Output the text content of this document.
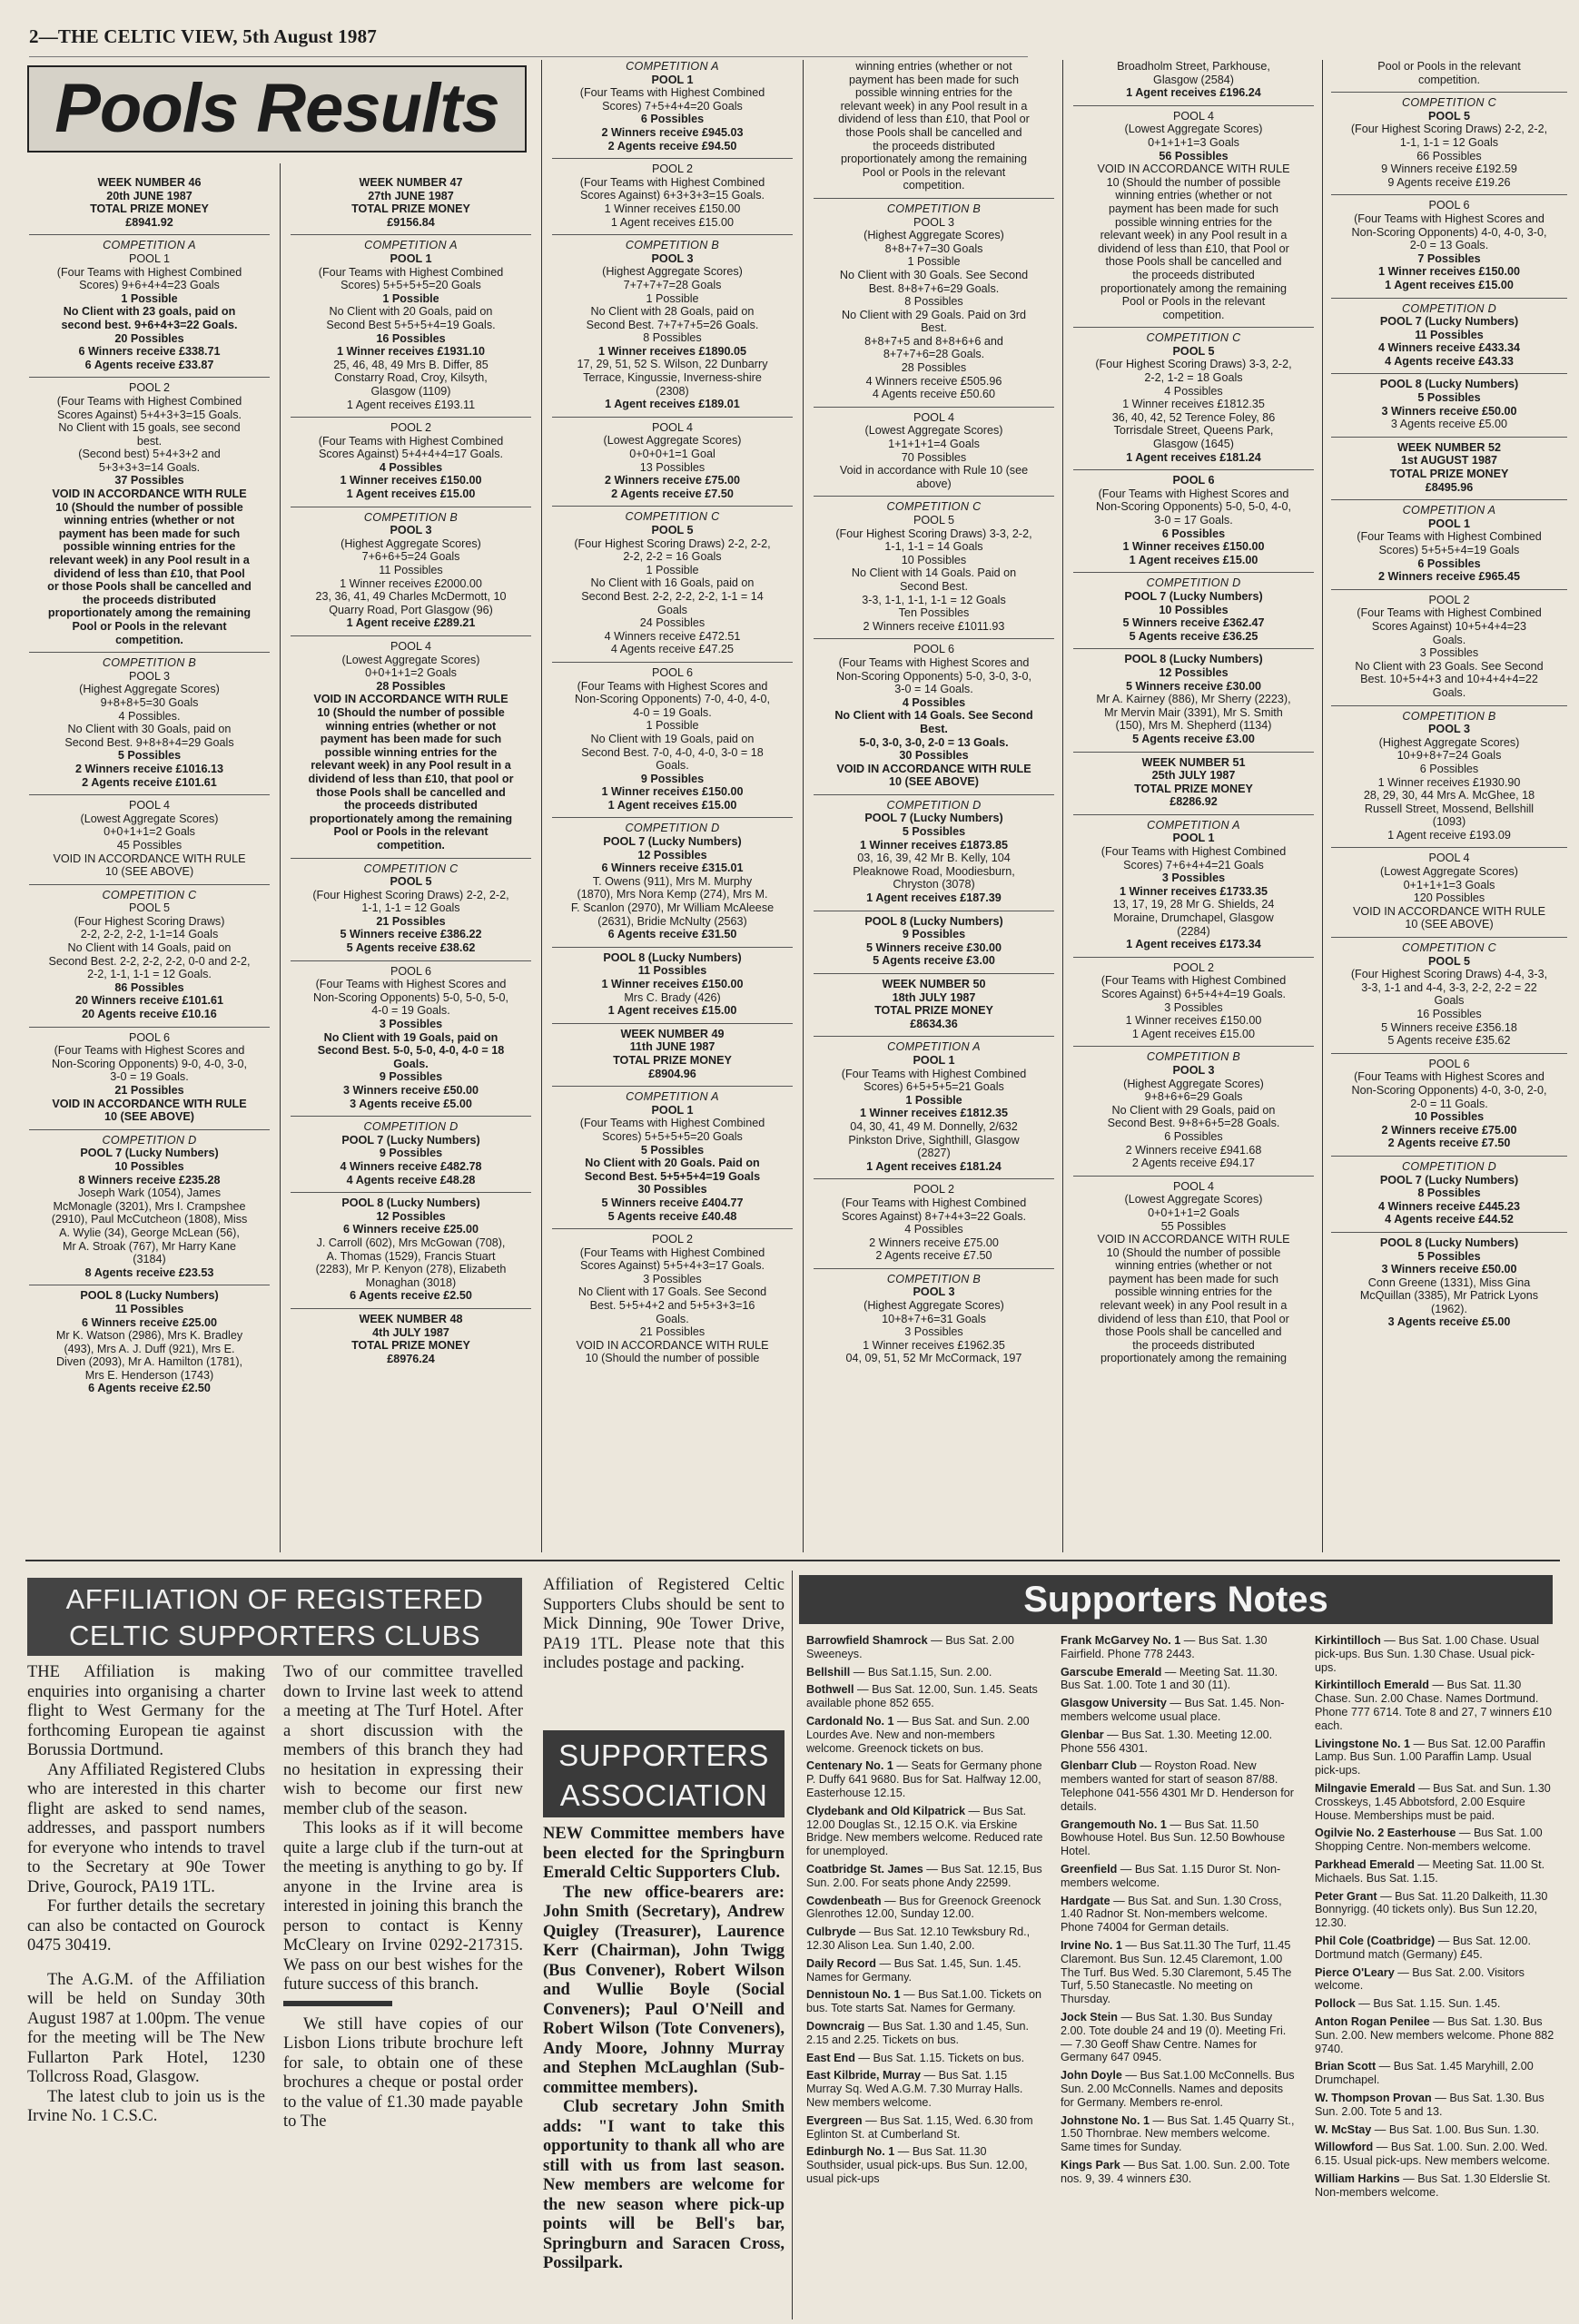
2—THE CELTIC VIEW, 5th August 1987
Pools Results
WEEK NUMBER 46
20th JUNE 1987
TOTAL PRIZE MONEY
£8941.92
COMPETITION A
POOL 1
(Four Teams with Highest Combined
Scores) 9+6+4+4=23 Goals
1 Possible
No Client with 23 goals, paid on
second best. 9+6+4+3=22 Goals.
20 Possibles
6 Winners receive £338.71
6 Agents receive £33.87
POOL 2
(Four Teams with Highest Combined
Scores Against) 5+4+3+3=15 Goals.
No Client with 15 goals, see second
best.
(Second best) 5+4+3+2 and
5+3+3+3=14 Goals.
37 Possibles
VOID IN ACCORDANCE WITH RULE
10 (Should the number of possible
winning entries (whether or not
payment has been made for such
possible winning entries for the
relevant week) in any Pool result in a
dividend of less than £10, that Pool
or those Pools shall be cancelled and
the proceeds distributed
proportionately among the remaining
Pool or Pools in the relevant
competition.
COMPETITION B
POOL 3
(Highest Aggregate Scores)
9+8+8+5=30 Goals
4 Possibles.
No Client with 30 Goals, paid on
Second Best. 9+8+8+4=29 Goals
5 Possibles
2 Winners receive £1016.13
2 Agents receive £101.61
POOL 4
(Lowest Aggregate Scores)
0+0+1+1=2 Goals
45 Possibles
VOID IN ACCORDANCE WITH RULE
10 (SEE ABOVE)
COMPETITION C
POOL 5
(Four Highest Scoring Draws)
2-2, 2-2, 2-2, 1-1=14 Goals
No Client with 14 Goals, paid on
Second Best. 2-2, 2-2, 2-2, 0-0 and 2-2,
2-2, 1-1, 1-1 = 12 Goals.
86 Possibles
20 Winners receive £101.61
20 Agents receive £10.16
POOL 6
(Four Teams with Highest Scores and
Non-Scoring Opponents) 9-0, 4-0, 3-0,
3-0 = 19 Goals.
21 Possibles
VOID IN ACCORDANCE WITH RULE
10 (SEE ABOVE)
COMPETITION D
POOL 7 (Lucky Numbers)
10 Possibles
8 Winners receive £235.28
Joseph Wark (1054), James
McMonagle (3201), Mrs I. Crampshee
(2910), Paul McCutcheon (1808), Miss
A. Wylie (34), George McLean (56),
Mr A. Stroak (767), Mr Harry Kane
(3184)
8 Agents receive £23.53
POOL 8 (Lucky Numbers)
11 Possibles
6 Winners receive £25.00
Mr K. Watson (2986), Mrs K. Bradley
(493), Mrs A. J. Duff (921), Mrs E.
Diven (2093), Mr A. Hamilton (1781),
Mrs E. Henderson (1743)
6 Agents receive £2.50
WEEK NUMBER 47
27th JUNE 1987
TOTAL PRIZE MONEY
£9156.84
COMPETITION A
POOL 1
(Four Teams with Highest Combined
Scores) 5+5+5+5=20 Goals
1 Possible
No Client with 20 Goals, paid on
Second Best 5+5+5+4=19 Goals.
16 Possibles
1 Winner receives £1931.10
25, 46, 48, 49 Mrs B. Differ, 85
Constarry Road, Croy, Kilsyth,
Glasgow (1109)
1 Agent receives £193.11
POOL 2
(Four Teams with Highest Combined
Scores Against) 5+4+4+4=17 Goals.
4 Possibles
1 Winner receives £150.00
1 Agent receives £15.00
COMPETITION B
POOL 3
(Highest Aggregate Scores)
7+6+6+5=24 Goals
11 Possibles
1 Winner receives £2000.00
23, 36, 41, 49 Charles McDermott, 10
Quarry Road, Port Glasgow (96)
1 Agent receive £289.21
POOL 4
(Lowest Aggregate Scores)
0+0+1+1=2 Goals
28 Possibles
VOID IN ACCORDANCE WITH RULE
10 (Should the number of possible
winning entries (whether or not
payment has been made for such
possible winning entries for the
relevant week) in any Pool result in a
dividend of less than £10, that pool or
those Pools shall be cancelled and
the proceeds distributed
proportionately among the remaining
Pool or Pools in the relevant
competition.
COMPETITION C
POOL 5
(Four Highest Scoring Draws) 2-2, 2-2,
1-1, 1-1 = 12 Goals
21 Possibles
5 Winners receive £386.22
5 Agents receive £38.62
POOL 6
(Four Teams with Highest Scores and
Non-Scoring Opponents) 5-0, 5-0, 5-0,
4-0 = 19 Goals.
3 Possibles
No Client with 19 Goals, paid on
Second Best. 5-0, 5-0, 4-0, 4-0 = 18
Goals.
9 Possibles
3 Winners receive £50.00
3 Agents receive £5.00
COMPETITION D
POOL 7 (Lucky Numbers)
9 Possibles
4 Winners receive £482.78
4 Agents receive £48.28
POOL 8 (Lucky Numbers)
12 Possibles
6 Winners receive £25.00
J. Carroll (602), Mrs McGowan (708),
A. Thomas (1529), Francis Stuart
(2283), Mr P. Kenyon (278), Elizabeth
Monaghan (3018)
6 Agents receive £2.50
WEEK NUMBER 48
4th JULY 1987
TOTAL PRIZE MONEY
£8976.24
COMPETITION A
POOL 1
(Four Teams with Highest Combined
Scores) 7+5+4+4=20 Goals
6 Possibles
2 Winners receive £945.03
2 Agents receive £94.50
POOL 2
(Four Teams with Highest Combined
Scores Against) 6+3+3+3=15 Goals.
1 Winner receives £150.00
1 Agent receives £15.00
COMPETITION B
POOL 3
(Highest Aggregate Scores)
7+7+7+7=28 Goals
1 Possible
No Client with 28 Goals, paid on
Second Best. 7+7+7+5=26 Goals.
8 Possibles
1 Winner receives £1890.05
17, 29, 51, 52 S. Wilson, 22 Dunbarry
Terrace, Kingussie, Inverness-shire
(2308)
1 Agent receives £189.01
POOL 4
(Lowest Aggregate Scores)
0+0+0+1=1 Goal
13 Possibles
2 Winners receive £75.00
2 Agents receive £7.50
COMPETITION C
POOL 5
(Four Highest Scoring Draws) 2-2, 2-2,
2-2, 2-2 = 16 Goals
1 Possible
No Client with 16 Goals, paid on
Second Best. 2-2, 2-2, 2-2, 1-1 = 14
Goals
24 Possibles
4 Winners receive £472.51
4 Agents receive £47.25
POOL 6
(Four Teams with Highest Scores and
Non-Scoring Opponents) 7-0, 4-0, 4-0,
4-0 = 19 Goals.
1 Possible
No Client with 19 Goals, paid on
Second Best. 7-0, 4-0, 4-0, 3-0 = 18
Goals.
9 Possibles
1 Winner receives £150.00
1 Agent receives £15.00
COMPETITION D
POOL 7 (Lucky Numbers)
12 Possibles
6 Winners receive £315.01
T. Owens (911), Mrs M. Murphy
(1870), Mrs Nora Kemp (274), Mrs M.
F. Scanlon (2970), Mr William McAleese
(2631), Bridie McNulty (2563)
6 Agents receive £31.50
POOL 8 (Lucky Numbers)
11 Possibles
1 Winner receives £150.00
Mrs C. Brady (426)
1 Agent receives £15.00
WEEK NUMBER 49
11th JUNE 1987
TOTAL PRIZE MONEY
£8904.96
COMPETITION A
POOL 1
(Four Teams with Highest Combined
Scores) 5+5+5+5=20 Goals
5 Possibles
No Client with 20 Goals. Paid on
Second Best. 5+5+5+4=19 Goals
30 Possibles
5 Winners receive £404.77
5 Agents receive £40.48
POOL 2
(Four Teams with Highest Combined
Scores Against) 5+5+4+3=17 Goals.
3 Possibles
No Client with 17 Goals. See Second
Best. 5+5+4+2 and 5+5+3+3=16
Goals.
21 Possibles
VOID IN ACCORDANCE WITH RULE
10 (Should the number of possible
winning entries (whether or not
payment has been made for such
possible winning entries for the
relevant week) in any Pool result in a
dividend of less than £10, that Pool or
those Pools shall be cancelled and
the proceeds distributed
proportionately among the remaining
Pool or Pools in the relevant
competition.
COMPETITION B
POOL 3
(Highest Aggregate Scores)
8+8+7+7=30 Goals
1 Possible
No Client with 30 Goals. See Second
Best. 8+8+7+6=29 Goals.
8 Possibles
No Client with 29 Goals. Paid on 3rd
Best.
8+8+7+5 and 8+8+6+6 and
8+7+7+6=28 Goals.
28 Possibles
4 Winners receive £505.96
4 Agents receive £50.60
POOL 4
(Lowest Aggregate Scores)
1+1+1+1=4 Goals
70 Possibles
Void in accordance with Rule 10 (see
above)
COMPETITION C
POOL 5
(Four Highest Scoring Draws) 3-3, 2-2,
1-1, 1-1 = 14 Goals
10 Possibles
No Client with 14 Goals. Paid on
Second Best.
3-3, 1-1, 1-1, 1-1 = 12 Goals
Ten Possibles
2 Winners receive £1011.93
POOL 6
(Four Teams with Highest Scores and
Non-Scoring Opponents) 5-0, 3-0, 3-0,
3-0 = 14 Goals.
4 Possibles
No Client with 14 Goals. See Second
Best.
5-0, 3-0, 3-0, 2-0 = 13 Goals.
30 Possibles
VOID IN ACCORDANCE WITH RULE
10 (SEE ABOVE)
COMPETITION D
POOL 7 (Lucky Numbers)
5 Possibles
1 Winner receives £1873.85
03, 16, 39, 42 Mr B. Kelly, 104
Pleaknowe Road, Moodiesburn,
Chryston (3078)
1 Agent receives £187.39
POOL 8 (Lucky Numbers)
9 Possibles
5 Winners receive £30.00
5 Agents receive £3.00
WEEK NUMBER 50
18th JULY 1987
TOTAL PRIZE MONEY
£8634.36
COMPETITION A
POOL 1
(Four Teams with Highest Combined
Scores) 6+5+5+5=21 Goals
1 Possible
1 Winner receives £1812.35
04, 30, 41, 49 M. Donnelly, 2/632
Pinkston Drive, Sighthill, Glasgow
(2827)
1 Agent receives £181.24
POOL 2
(Four Teams with Highest Combined
Scores Against) 8+7+4+3=22 Goals.
4 Possibles
2 Winners receive £75.00
2 Agents receive £7.50
COMPETITION B
POOL 3
(Highest Aggregate Scores)
10+8+7+6=31 Goals
3 Possibles
1 Winner receives £1962.35
04, 09, 51, 52 Mr McCormack, 197
Broadholm Street, Parkhouse,
Glasgow (2584)
1 Agent receives £196.24
POOL 4
(Lowest Aggregate Scores)
0+1+1+1=3 Goals
56 Possibles
VOID IN ACCORDANCE WITH RULE
10 (Should the number of possible
winning entries (whether or not
payment has been made for such
possible winning entries for the
relevant week) in any Pool result in a
dividend of less than £10, that Pool or
those Pools shall be cancelled and
the proceeds distributed
proportionately among the remaining
Pool or Pools in the relevant
competition.
COMPETITION C
POOL 5
(Four Highest Scoring Draws) 3-3, 2-2,
2-2, 1-2 = 18 Goals
4 Possibles
1 Winner receives £1812.35
36, 40, 42, 52 Terence Foley, 86
Torrisdale Street, Queens Park,
Glasgow (1645)
1 Agent receives £181.24
POOL 6
(Four Teams with Highest Scores and
Non-Scoring Opponents) 5-0, 5-0, 4-0,
3-0 = 17 Goals.
6 Possibles
1 Winner receives £150.00
1 Agent receives £15.00
COMPETITION D
POOL 7 (Lucky Numbers)
10 Possibles
5 Winners receive £362.47
5 Agents receive £36.25
POOL 8 (Lucky Numbers)
12 Possibles
5 Winners receive £30.00
Mr A. Kairney (886), Mr Sherry (2223),
Mr Mervin Mair (3391), Mr S. Smith
(150), Mrs M. Shepherd (1134)
5 Agents receive £3.00
WEEK NUMBER 51
25th JULY 1987
TOTAL PRIZE MONEY
£8286.92
COMPETITION A
POOL 1
(Four Teams with Highest Combined
Scores) 7+6+4+4=21 Goals
3 Possibles
1 Winner receives £1733.35
13, 17, 19, 28 Mr G. Shields, 24
Moraine, Drumchapel, Glasgow
(2284)
1 Agent receives £173.34
POOL 2
(Four Teams with Highest Combined
Scores Against) 6+5+4+4=19 Goals.
3 Possibles
1 Winner receives £150.00
1 Agent receives £15.00
COMPETITION B
POOL 3
(Highest Aggregate Scores)
9+8+6+6=29 Goals
No Client with 29 Goals, paid on
Second Best. 9+8+6+5=28 Goals.
6 Possibles
2 Winners receive £941.68
2 Agents receive £94.17
POOL 4
(Lowest Aggregate Scores)
0+0+1+1=2 Goals
55 Possibles
VOID IN ACCORDANCE WITH RULE
10 (Should the number of possible
winning entries (whether or not
payment has been made for such
possible winning entries for the
relevant week) in any Pool result in a
dividend of less than £10, that Pool or
those Pools shall be cancelled and
the proceeds distributed
proportionately among the remaining
Pool or Pools in the relevant
competition.
COMPETITION C
POOL 5
(Four Highest Scoring Draws) 2-2, 2-2,
1-1, 1-1 = 12 Goals
66 Possibles
9 Winners receive £192.59
9 Agents receive £19.26
POOL 6
(Four Teams with Highest Scores and
Non-Scoring Opponents) 4-0, 4-0, 3-0,
2-0 = 13 Goals.
7 Possibles
1 Winner receives £150.00
1 Agent receives £15.00
COMPETITION D
POOL 7 (Lucky Numbers)
11 Possibles
4 Winners receive £433.34
4 Agents receive £43.33
POOL 8 (Lucky Numbers)
5 Possibles
3 Winners receive £50.00
3 Agents receive £5.00
WEEK NUMBER 52
1st AUGUST 1987
TOTAL PRIZE MONEY
£8495.96
COMPETITION A
POOL 1
(Four Teams with Highest Combined
Scores) 5+5+5+4=19 Goals
6 Possibles
2 Winners receive £965.45
POOL 2
(Four Teams with Highest Combined
Scores Against) 10+5+4+4=23
Goals.
3 Possibles
No Client with 23 Goals. See Second
Best. 10+5+4+3 and 10+4+4+4=22
Goals.
COMPETITION B
POOL 3
(Highest Aggregate Scores)
10+9+8+7=24 Goals
6 Possibles
1 Winner receives £1930.90
28, 29, 30, 44 Mrs A. McGhee, 18
Russell Street, Mossend, Bellshill
(1093)
1 Agent receive £193.09
POOL 4
(Lowest Aggregate Scores)
0+1+1+1=3 Goals
120 Possibles
VOID IN ACCORDANCE WITH RULE
10 (SEE ABOVE)
COMPETITION C
POOL 5
(Four Highest Scoring Draws) 4-4, 3-3,
3-3, 1-1 and 4-4, 3-3, 2-2, 2-2 = 22
Goals
16 Possibles
5 Winners receive £356.18
5 Agents receive £35.62
POOL 6
(Four Teams with Highest Scores and
Non-Scoring Opponents) 4-0, 3-0, 2-0,
2-0 = 11 Goals.
10 Possibles
2 Winners receive £75.00
2 Agents receive £7.50
COMPETITION D
POOL 7 (Lucky Numbers)
8 Possibles
4 Winners receive £445.23
4 Agents receive £44.52
POOL 8 (Lucky Numbers)
5 Possibles
3 Winners receive £50.00
Conn Greene (1331), Miss Gina
McQuillan (3385), Mr Patrick Lyons
(1962).
3 Agents receive £5.00
AFFILIATION OF REGISTERED
CELTIC SUPPORTERS CLUBS

THE Affiliation is making enquiries into organising a charter flight to West Germany for the forthcoming European tie against Borussia Dortmund.

Any Affiliated Registered Clubs who are interested in this charter flight are asked to send names, addresses, and passport numbers for everyone who intends to travel to the Secretary at 90e Tower Drive, Gourock, PA19 1TL.

For further details the secretary can also be contacted on Gourock 0475 30419.

The A.G.M. of the Affiliation will be held on Sunday 30th August 1987 at 1.00pm. The venue for the meeting will be The New Fullarton Park Hotel, 1230 Tollcross Road, Glasgow.

The latest club to join us is the Irvine No. 1 C.S.C.

Two of our committee travelled down to Irvine last week to attend a meeting at The Turf Hotel. After a short discussion with the members of this branch they had no hesitation in expressing their wish to become our first new member club of the season.

This looks as if it will become quite a large club if the turn-out at the meeting is anything to go by. If anyone in the Irvine area is interested in joining this branch the person to contact is Kenny McCleary on Irvine 0292-217315. We pass on our best wishes for the future success of this branch.

We still have copies of our Lisbon Lions tribute brochure left for sale, to obtain one of these brochures a cheque or postal order to the value of £1.30 made payable to The

Affiliation of Registered Celtic Supporters Clubs should be sent to Mick Dinning, 90e Tower Drive, PA19 1TL. Please note that this includes postage and packing.

SUPPORTERS
ASSOCIATION

NEW Committee members have been elected for the Springburn Emerald Celtic Supporters Club.

The new office-bearers are: John Smith (Secretary), Andrew Quigley (Treasurer), Laurence Kerr (Chairman), John Twigg (Bus Convener), Robert Wilson and Wullie Boyle (Social Conveners); Paul O'Neill and Robert Wilson (Tote Conveners), Andy Moore, Johnny Murray and Stephen McLaughlan (Sub-committee members).

Club secretary John Smith adds: "I want to take this opportunity to thank all who are still with us from last season. New members are welcome for the new season where pick-up points will be Bell's bar, Springburn and Saracen Cross, Possilpark.

Supporters Notes
Barrowfield Shamrock — Bus Sat. 2.00 Sweeneys.
Bellshill — Bus Sat.1.15, Sun. 2.00.
Bothwell — Bus Sat. 12.00, Sun. 1.45. Seats available phone 852 655.
Cardonald No. 1 — Bus Sat. and Sun. 2.00 Lourdes Ave. New and non-members welcome. Greenock tickets on bus.
Centenary No. 1 — Seats for Germany phone P. Duffy 641 9680. Bus for Sat. Halfway 12.00, Easterhouse 12.15.
Clydebank and Old Kilpatrick — Bus Sat. 12.00 Douglas St., 12.15 O.K. via Erskine Bridge. New members welcome. Reduced rate for unemployed.
Coatbridge St. James — Bus Sat. 12.15, Bus Sun. 2.00. For seats phone Andy 22599.
Cowdenbeath — Bus for Greenock Greenock Glenrothes 12.00, Sunday 12.00.
Culbryde — Bus Sat. 12.10 Tewksbury Rd., 12.30 Alison Lea. Sun 1.40, 2.00.
Daily Record — Bus Sat. 1.45, Sun. 1.45. Names for Germany.
Dennistoun No. 1 — Bus Sat.1.00. Tickets on bus. Tote starts Sat. Names for Germany.
Downcraig — Bus Sat. 1.30 and 1.45, Sun. 2.15 and 2.25. Tickets on bus.
East End — Bus Sat. 1.15. Tickets on bus.
East Kilbride, Murray — Bus Sat. 1.15 Murray Sq. Wed A.G.M. 7.30 Murray Halls. New members welcome.
Evergreen — Bus Sat. 1.15, Wed. 6.30 from Eglinton St. at Cumberland St.
Edinburgh No. 1 — Bus Sat. 11.30 Southsider, usual pick-ups. Bus Sun. 12.00, usual pick-ups
Frank McGarvey No. 1 — Bus Sat. 1.30 Fairfield. Phone 778 2443.
Garscube Emerald — Meeting Sat. 11.30. Bus Sat. 1.00. Tote 1 and 30 (11).
Glasgow University — Bus Sat. 1.45. Non-members welcome usual place.
Glenbar — Bus Sat. 1.30. Meeting 12.00. Phone 556 4301.
Glenbarr Club — Royston Road. New members wanted for start of season 87/88. Telephone 041-556 4301 Mr D. Henderson for details.
Grangemouth No. 1 — Bus Sat. 11.50 Bowhouse Hotel. Bus Sun. 12.50 Bowhouse Hotel.
Greenfield — Bus Sat. 1.15 Duror St. Non-members welcome.
Hardgate — Bus Sat. and Sun. 1.30 Cross, 1.40 Radnor St. Non-members welcome. Phone 74004 for German details.
Irvine No. 1 — Bus Sat.11.30 The Turf, 11.45 Claremont. Bus Sun. 12.45 Claremont, 1.00 The Turf. Bus Wed. 5.30 Claremont, 5.45 The Turf, 5.50 Stanecastle. No meeting on Thursday.
Jock Stein — Bus Sat. 1.30. Bus Sunday 2.00. Tote double 24 and 19 (0). Meeting Fri. — 7.30 Geoff Shaw Centre. Names for Germany 647 0945.
John Doyle — Bus Sat.1.00 McConnells. Bus Sun. 2.00 McConnells. Names and deposits for Germany. Members re-enrol.
Johnstone No. 1 — Bus Sat. 1.45 Quarry St., 1.50 Thornbrae. New members welcome. Same times for Sunday.
Kings Park — Bus Sat. 1.00. Sun. 2.00. Tote nos. 9, 39. 4 winners £30.
Kirkintilloch — Bus Sat. 1.00 Chase. Usual pick-ups. Bus Sun. 1.30 Chase. Usual pick-ups.
Kirkintilloch Emerald — Bus Sat. 11.30 Chase. Sun. 2.00 Chase. Names Dortmund. Phone 777 6714. Tote 8 and 27, 7 winners £10 each.
Livingstone No. 1 — Bus Sat. 12.00 Paraffin Lamp. Bus Sun. 1.00 Paraffin Lamp. Usual pick-ups.
Milngavie Emerald — Bus Sat. and Sun. 1.30 Crosskeys, 1.45 Abbotsford, 2.00 Esquire House. Memberships must be paid.
Ogilvie No. 2 Easterhouse — Bus Sat. 1.00 Shopping Centre. Non-members welcome.
Parkhead Emerald — Meeting Sat. 11.00 St. Michaels. Bus Sat. 1.15.
Peter Grant — Bus Sat. 11.20 Dalkeith, 11.30 Bonnyrigg. (40 tickets only). Bus Sun 12.20, 12.30.
Phil Cole (Coatbridge) — Bus Sat. 12.00. Dortmund match (Germany) £45.
Pierce O'Leary — Bus Sat. 2.00. Visitors welcome.
Pollock — Bus Sat. 1.15. Sun. 1.45.
Anton Rogan Penilee — Bus Sat. 1.30. Bus Sun. 2.00. New members welcome. Phone 882 9740.
Brian Scott — Bus Sat. 1.45 Maryhill, 2.00 Drumchapel.
W. Thompson Provan — Bus Sat. 1.30. Bus Sun. 2.00. Tote 5 and 13.
W. McStay — Bus Sat. 1.00. Bus Sun. 1.30.
Willowford — Bus Sat. 1.00. Sun. 2.00. Wed. 6.15. Usual pick-ups. New members welcome.
William Harkins — Bus Sat. 1.30 Elderslie St. Non-members welcome.
